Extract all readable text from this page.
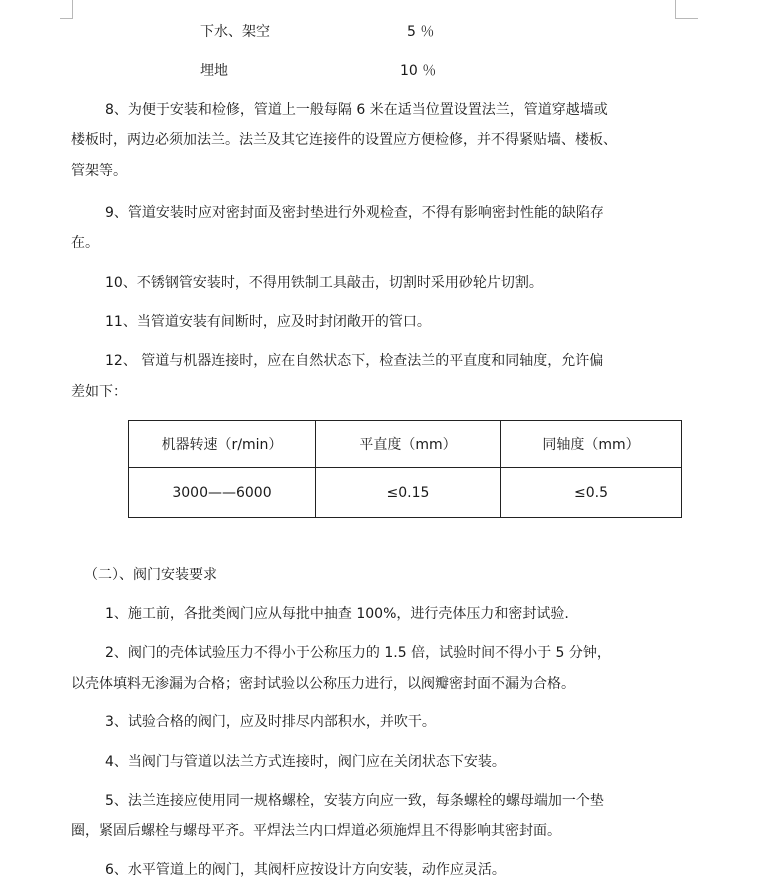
下水、架空	5 ％
埋地	10 ％
8、为便于安装和检修，管道上一般每隔 6 米在适当位置设置法兰，管道穿越墙或
楼板时，两边必须加法兰。法兰及其它连接件的设置应方便检修，并不得紧贴墙、楼板、
管架等。
9、管道安装时应对密封面及密封垫进行外观检查，不得有影响密封性能的缺陷存
在。
10、不锈钢管安装时，不得用铁制工具敲击，切割时采用砂轮片切割。
11、当管道安装有间断时，应及时封闭敞开的管口。
12、 管道与机器连接时，应在自然状态下，检查法兰的平直度和同轴度，允许偏
差如下：
机器转速（r/min）	平直度（mm）	同轴度（mm）
3000——6000	≤0.15	≤0.5
（二）、阀门安装要求
1、施工前，各批类阀门应从每批中抽查 100%，进行壳体压力和密封试验.
2、阀门的壳体试验压力不得小于公称压力的 1.5 倍，试验时间不得小于 5 分钟，
以壳体填料无渗漏为合格；密封试验以公称压力进行，以阀瓣密封面不漏为合格。
3、试验合格的阀门，应及时排尽内部积水，并吹干。
4、当阀门与管道以法兰方式连接时，阀门应在关闭状态下安装。
5、法兰连接应使用同一规格螺栓，安装方向应一致，每条螺栓的螺母端加一个垫
圈，紧固后螺栓与螺母平齐。平焊法兰内口焊道必须施焊且不得影响其密封面。
6、水平管道上的阀门，其阀杆应按设计方向安装，动作应灵活。
